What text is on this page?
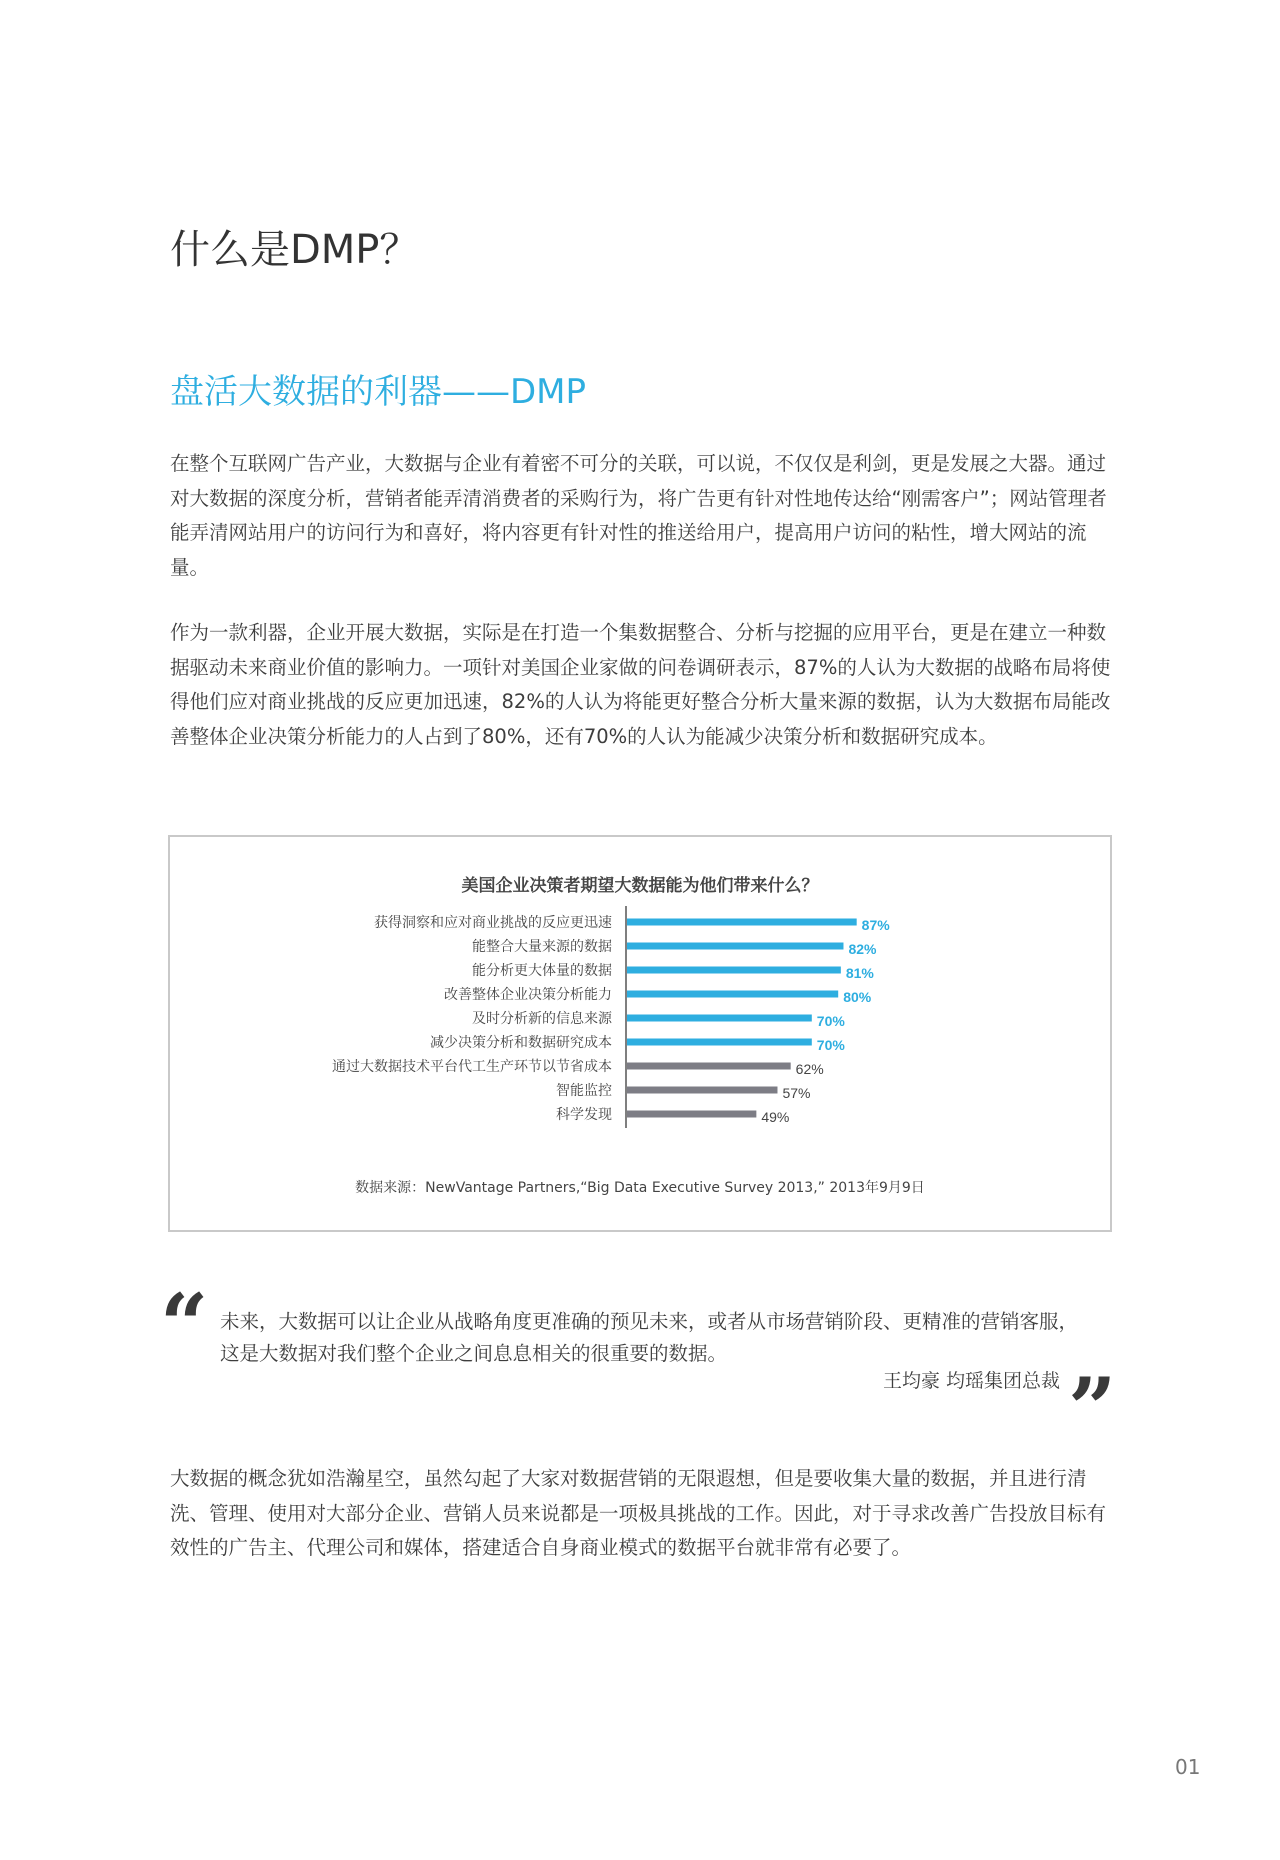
什么是DMP？
盘活大数据的利器——DMP

在整个互联网广告产业，大数据与企业有着密不可分的关联，可以说，不仅仅是利剑，更是发展之大器。通过对大数据的深度分析，营销者能弄清消费者的采购行为，将广告更有针对性地传达给“刚需客户”；网站管理者能弄清网站用户的访问行为和喜好，将内容更有针对性的推送给用户，提高用户访问的粘性，增大网站的流量。

作为一款利器，企业开展大数据，实际是在打造一个集数据整合、分析与挖掘的应用平台，更是在建立一种数据驱动未来商业价值的影响力。一项针对美国企业家做的问卷调研表示，87%的人认为大数据的战略布局将使得他们应对商业挑战的反应更加迅速，82%的人认为将能更好整合分析大量来源的数据，认为大数据布局能改善整体企业决策分析能力的人占到了80%，还有70%的人认为能减少决策分析和数据研究成本。

美国企业决策者期望大数据能为他们带来什么？
获得洞察和应对商业挑战的反应更迅速	87%
能整合大量来源的数据	82%
能分析更大体量的数据	81%
改善整体企业决策分析能力	80%
及时分析新的信息来源	70%
减少决策分析和数据研究成本	70%
通过大数据技术平台代工生产环节以节省成本	62%
智能监控	57%
科学发现	49%
数据来源：NewVantage Partners,“Big Data Executive Survey 2013,” 2013年9月9日
“ 未来，大数据可以让企业从战略角度更准确的预见未来，或者从市场营销阶段、更精准的营销客服，这是大数据对我们整个企业之间息息相关的很重要的数据。

王均豪 均瑶集团总裁 ”

大数据的概念犹如浩瀚星空，虽然勾起了大家对数据营销的无限遐想，但是要收集大量的数据，并且进行清洗、管理、使用对大部分企业、营销人员来说都是一项极具挑战的工作。因此，对于寻求改善广告投放目标有效性的广告主、代理公司和媒体，搭建适合自身商业模式的数据平台就非常有必要了。

01
